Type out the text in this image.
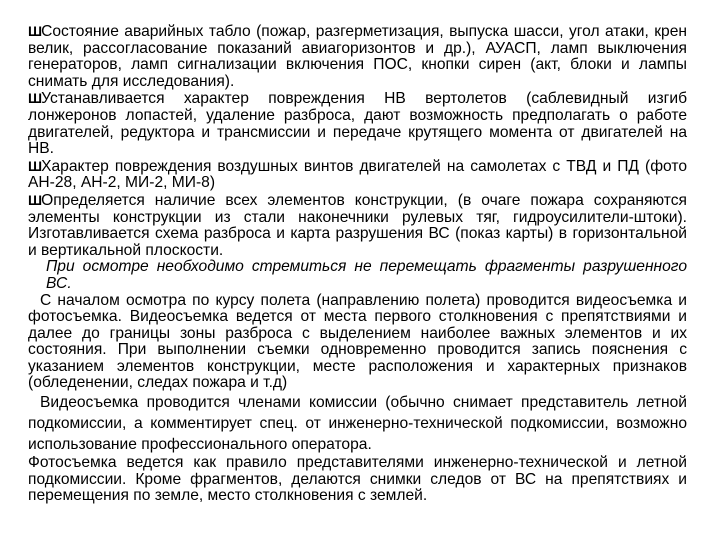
ШСостояние аварийных табло (пожар, разгерметизация, выпуска шасси, угол атаки, крен велик, рассогласование показаний авиагоризонтов и др.), АУАСП, ламп выключения генераторов, ламп сигнализации включения ПОС, кнопки сирен (акт, блоки и лампы снимать для исследования).

ШУстанавливается характер повреждения НВ вертолетов (саблевидный изгиб лонжеронов лопастей, удаление разброса, дают возможность предполагать о работе двигателей, редуктора и трансмиссии и передаче крутящего момента от двигателей на НВ.

ШХарактер повреждения воздушных винтов двигателей на самолетах с ТВД и ПД (фото АН-28, АН-2, МИ-2, МИ-8)

ШОпределяется наличие всех элементов конструкции, (в очаге пожара сохраняются элементы конструкции из стали наконечники рулевых тяг, гидроусилители-штоки). Изготавливается схема разброса и карта разрушения ВС (показ карты) в горизонтальной и вертикальной плоскости.

При осмотре необходимо стремиться не перемещать фрагменты разрушенного ВС.

С началом осмотра по курсу полета (направлению полета) проводится видеосъемка и фотосъемка. Видеосъемка ведется от места первого столкновения с препятствиями и далее до границы зоны разброса с выделением наиболее важных элементов и их состояния. При выполнении съемки одновременно проводится запись пояснения с указанием элементов конструкции, месте расположения и характерных признаков (обледенении, следах пожара и т.д)

Видеосъемка проводится членами комиссии (обычно снимает представитель летной подкомиссии, а комментирует спец. от инженерно-технической подкомиссии, возможно использование профессионального оператора.

Фотосъемка ведется как правило представителями инженерно-технической и летной подкомиссии. Кроме фрагментов, делаются снимки следов от ВС на препятствиях и перемещения по земле, место столкновения с землей.
